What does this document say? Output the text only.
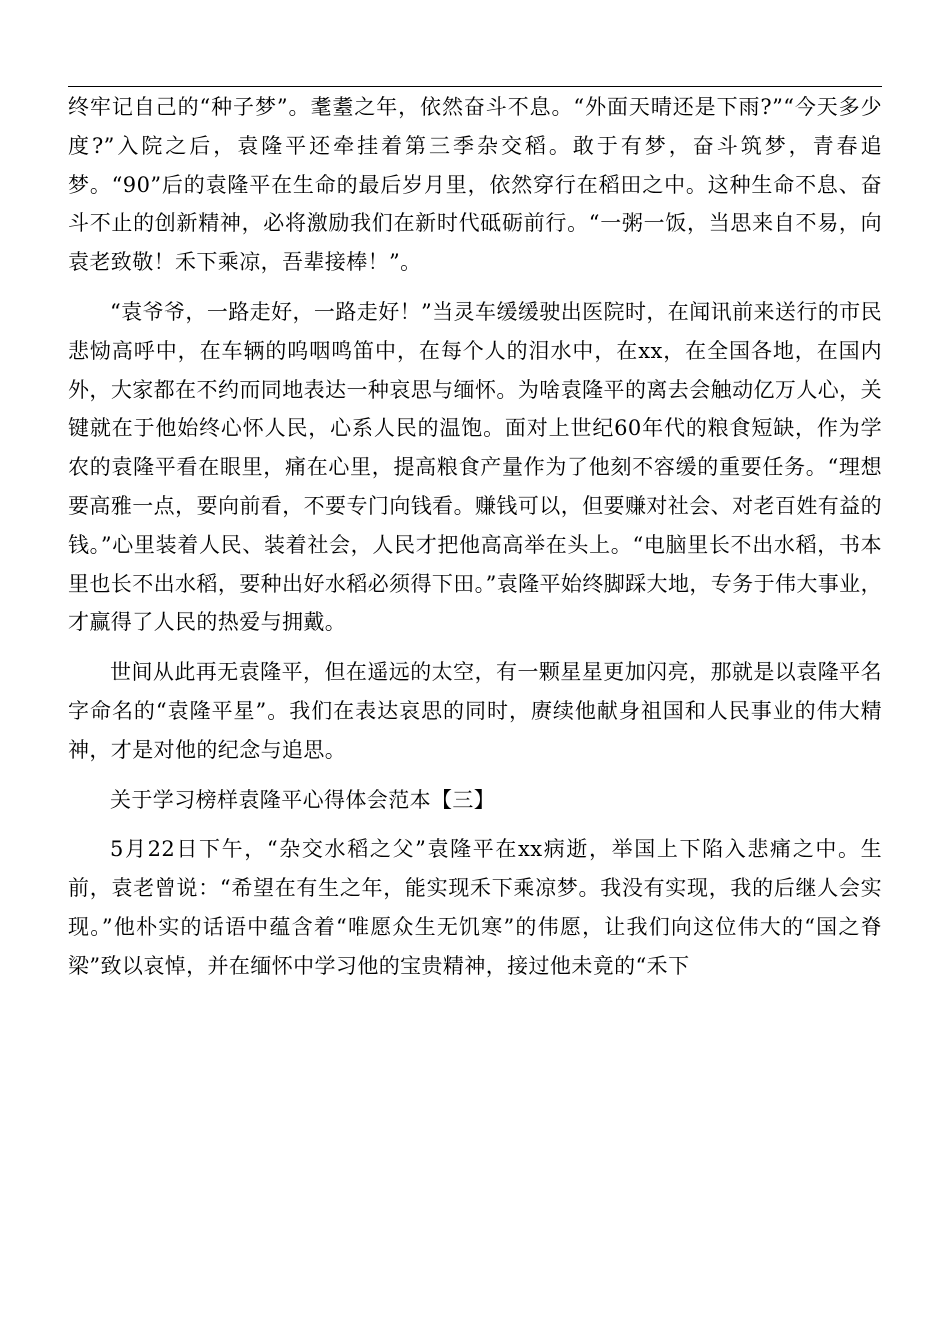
终牢记自己的“种子梦”。耄耋之年，依然奋斗不息。“外面天晴还是下雨?”“今天多少度?”入院之后，袁隆平还牵挂着第三季杂交稻。敢于有梦，奋斗筑梦，青春追梦。“90”后的袁隆平在生命的最后岁月里，依然穿行在稻田之中。这种生命不息、奋斗不止的创新精神，必将激励我们在新时代砥砺前行。“一粥一饭，当思来自不易，向袁老致敬！禾下乘凉，吾辈接棒！”。

“袁爷爷，一路走好，一路走好！”当灵车缓缓驶出医院时，在闻讯前来送行的市民悲恸高呼中，在车辆的呜咽鸣笛中，在每个人的泪水中，在xx，在全国各地，在国内外，大家都在不约而同地表达一种哀思与缅怀。为啥袁隆平的离去会触动亿万人心，关键就在于他始终心怀人民，心系人民的温饱。面对上世纪60年代的粮食短缺，作为学农的袁隆平看在眼里，痛在心里，提高粮食产量作为了他刻不容缓的重要任务。“理想要高雅一点，要向前看，不要专门向钱看。赚钱可以，但要赚对社会、对老百姓有益的钱。”心里装着人民、装着社会，人民才把他高高举在头上。“电脑里长不出水稻，书本里也长不出水稻，要种出好水稻必须得下田。”袁隆平始终脚踩大地，专务于伟大事业，才赢得了人民的热爱与拥戴。

世间从此再无袁隆平，但在遥远的太空，有一颗星星更加闪亮，那就是以袁隆平名字命名的“袁隆平星”。我们在表达哀思的同时，赓续他献身祖国和人民事业的伟大精神，才是对他的纪念与追思。

关于学习榜样袁隆平心得体会范本【三】

5月22日下午，“杂交水稻之父”袁隆平在xx病逝，举国上下陷入悲痛之中。生前，袁老曾说：“希望在有生之年，能实现禾下乘凉梦。我没有实现，我的后继人会实现。”他朴实的话语中蕴含着“唯愿众生无饥寒”的伟愿，让我们向这位伟大的“国之脊梁”致以哀悼，并在缅怀中学习他的宝贵精神，接过他未竟的“禾下
